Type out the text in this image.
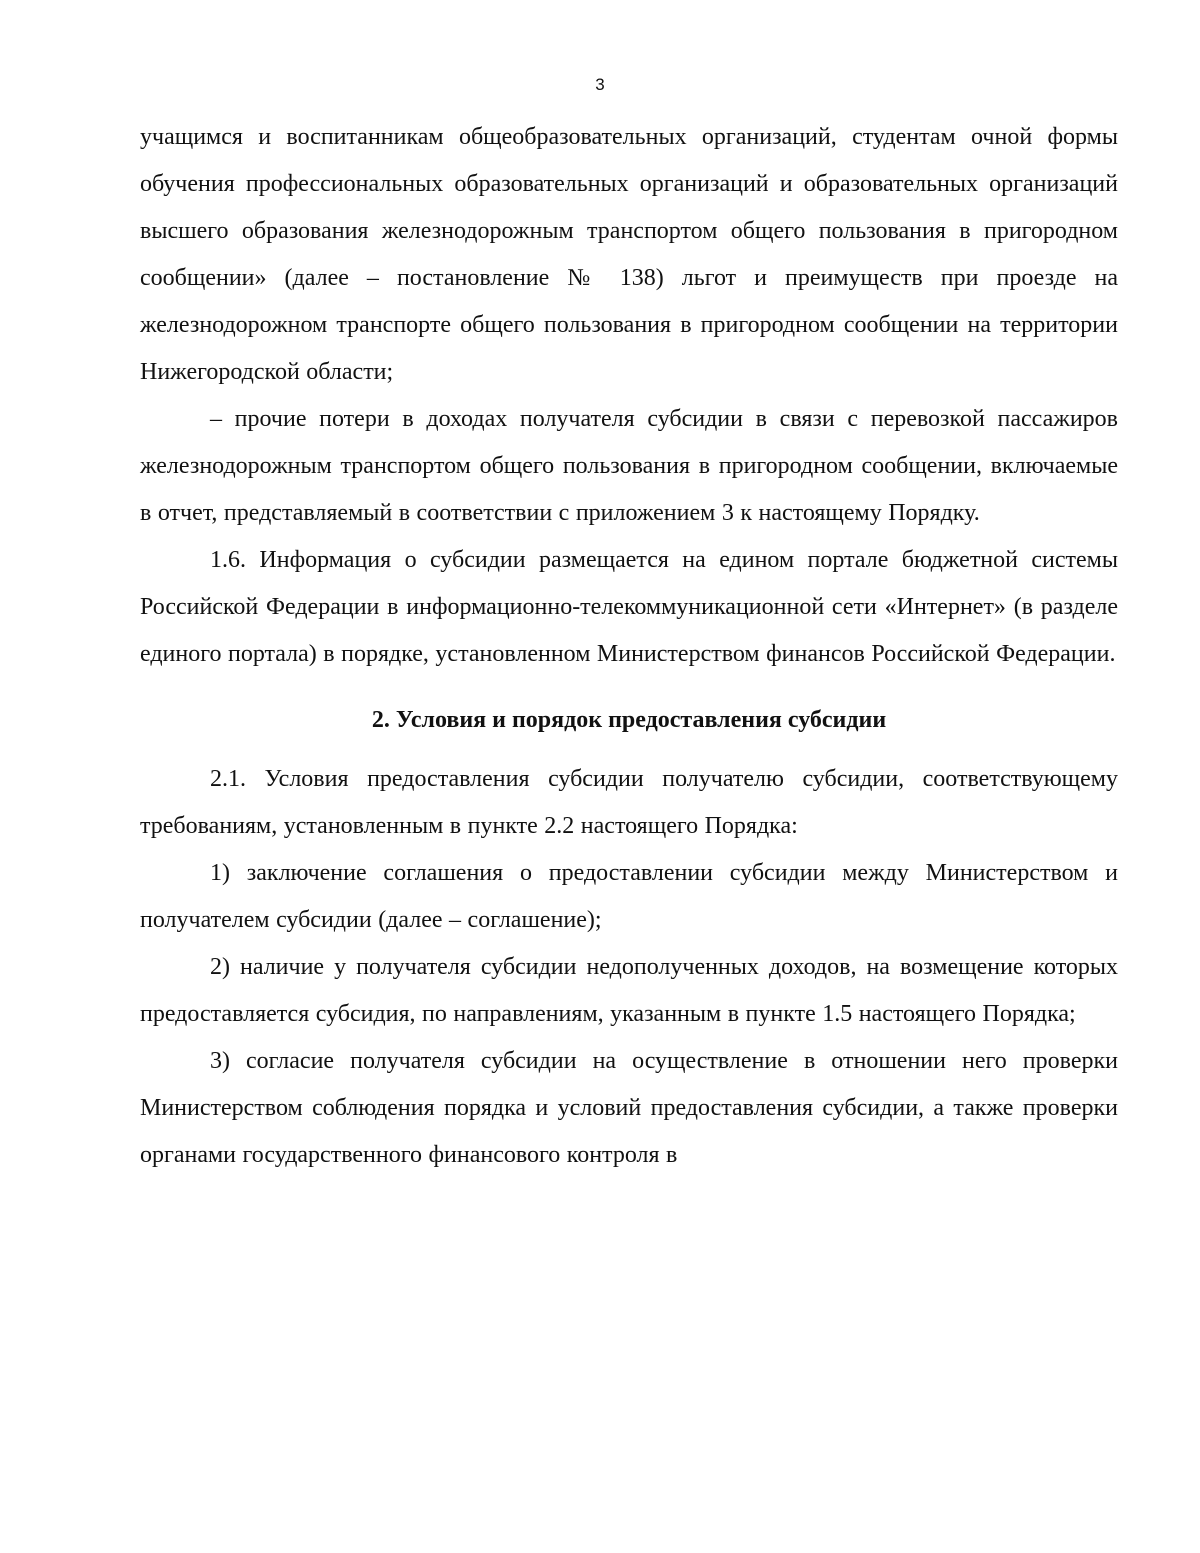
3

учащимся и воспитанникам общеобразовательных организаций, студентам очной формы обучения профессиональных образовательных организаций и образовательных организаций высшего образования железнодорожным транспортом общего пользования в пригородном сообщении» (далее – постановление № 138) льгот и преимуществ при проезде на железнодорожном транспорте общего пользования в пригородном сообщении на территории Нижегородской области;

– прочие потери в доходах получателя субсидии в связи с перевозкой пассажиров железнодорожным транспортом общего пользования в пригородном сообщении, включаемые в отчет, представляемый в соответствии с приложением 3 к настоящему Порядку.

1.6. Информация о субсидии размещается на едином портале бюджетной системы Российской Федерации в информационно-телекоммуникационной сети «Интернет» (в разделе единого портала) в порядке, установленном Министерством финансов Российской Федерации.

2. Условия и порядок предоставления субсидии

2.1. Условия предоставления субсидии получателю субсидии, соответствующему требованиям, установленным в пункте 2.2 настоящего Порядка:

1) заключение соглашения о предоставлении субсидии между Министерством и получателем субсидии (далее – соглашение);

2) наличие у получателя субсидии недополученных доходов, на возмещение которых предоставляется субсидия, по направлениям, указанным в пункте 1.5 настоящего Порядка;

3) согласие получателя субсидии на осуществление в отношении него проверки Министерством соблюдения порядка и условий предоставления субсидии, а также проверки органами государственного финансового контроля в
